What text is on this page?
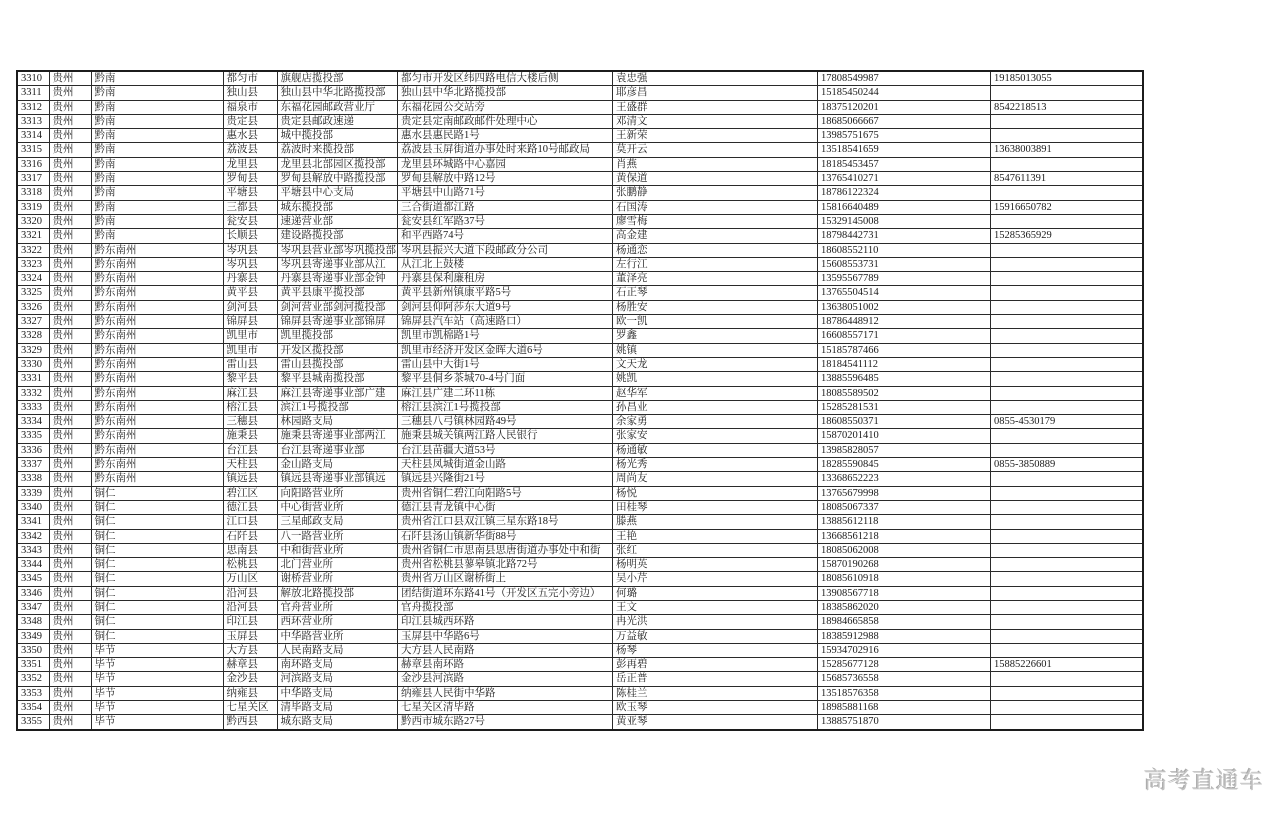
3310	贵州	黔南	都匀市	旗舰店揽投部	都匀市开发区纬四路电信大楼后侧	袁忠强	17808549987	19185013055
3311	贵州	黔南	独山县	独山县中华北路揽投部	独山县中华北路揽投部	耶彦昌	15185450244	
3312	贵州	黔南	福泉市	东福花园邮政营业厅	东福花园公交站旁	王盛群	18375120201	8542218513
3313	贵州	黔南	贵定县	贵定县邮政速递	贵定县定南邮政邮件处理中心	邓清文	18685066667	
3314	贵州	黔南	惠水县	城中揽投部	惠水县惠民路1号	王新荣	13985751675	
3315	贵州	黔南	荔波县	荔波时来揽投部	荔波县玉屏街道办事处时来路10号邮政局	莫开云	13518541659	13638003891
3316	贵州	黔南	龙里县	龙里县北部园区揽投部	龙里县环城路中心嘉园	肖燕	18185453457	
3317	贵州	黔南	罗甸县	罗甸县解放中路揽投部	罗甸县解放中路12号	黄保道	13765410271	8547611391
3318	贵州	黔南	平塘县	平塘县中心支局	平塘县中山路71号	张鹏静	18786122324	
3319	贵州	黔南	三都县	城东揽投部	三合街道都江路	石国涛	15816640489	15916650782
3320	贵州	黔南	瓮安县	速递营业部	瓮安县红军路37号	廖雪梅	15329145008	
3321	贵州	黔南	长顺县	建设路揽投部	和平西路74号	高金建	18798442731	15285365929
3322	贵州	黔东南州	岑巩县	岑巩县营业部岑巩揽投部	岑巩县振兴大道下段邮政分公司	杨通恋	18608552110	
3323	贵州	黔东南州	岑巩县	岑巩县寄递事业部从江	从江北上鼓楼	左行江	15608553731	
3324	贵州	黔东南州	丹寨县	丹寨县寄递事业部金钟	丹寨县保利廉租房	董泽亮	13595567789	
3325	贵州	黔东南州	黄平县	黄平县康平揽投部	黄平县新州镇康平路5号	石正琴	13765504514	
3326	贵州	黔东南州	剑河县	剑河营业部剑河揽投部	剑河县仰阿莎东大道9号	杨胜安	13638051002	
3327	贵州	黔东南州	锦屏县	锦屏县寄递事业部锦屏	锦屏县汽车站（高速路口）	欧一凯	18786448912	
3328	贵州	黔东南州	凯里市	凯里揽投部	凯里市凯棉路1号	罗鑫	16608557171	
3329	贵州	黔东南州	凯里市	开发区揽投部	凯里市经济开发区金晖大道6号	姚镇	15185787466	
3330	贵州	黔东南州	雷山县	雷山县揽投部	雷山县中大街1号	文天龙	18184541112	
3331	贵州	黔东南州	黎平县	黎平县城南揽投部	黎平县侗乡茶城70-4号门面	姚凯	13885596485	
3332	贵州	黔东南州	麻江县	麻江县寄递事业部广建	麻江县广建二环11栋	赵华军	18085589502	
3333	贵州	黔东南州	榕江县	滨江1号揽投部	榕江县滨江1号揽投部	孙昌业	15285281531	
3334	贵州	黔东南州	三穗县	林园路支局	三穗县八弓镇林园路49号	余家勇	18608550371	0855-4530179
3335	贵州	黔东南州	施秉县	施秉县寄递事业部两江	施秉县城关镇两江路人民银行	张家安	15870201410	
3336	贵州	黔东南州	台江县	台江县寄递事业部	台江县苗疆大道53号	杨通敏	13985828057	
3337	贵州	黔东南州	天柱县	金山路支局	天柱县凤城街道金山路	杨光秀	18285590845	0855-3850889
3338	贵州	黔东南州	镇远县	镇远县寄递事业部镇远	镇远县兴隆街21号	周尚友	13368652223	
3339	贵州	铜仁	碧江区	向阳路营业所	贵州省铜仁碧江向阳路5号	杨悦	13765679998	
3340	贵州	铜仁	德江县	中心街营业所	德江县青龙镇中心街	田桂琴	18085067337	
3341	贵州	铜仁	江口县	三星邮政支局	贵州省江口县双江镇三星东路18号	滕燕	13885612118	
3342	贵州	铜仁	石阡县	八一路营业所	石阡县汤山镇新华街88号	王艳	13668561218	
3343	贵州	铜仁	思南县	中和街营业所	贵州省铜仁市思南县思唐街道办事处中和街	张红	18085062008	
3344	贵州	铜仁	松桃县	北门营业所	贵州省松桃县蓼皋镇北路72号	杨明英	15870190268	
3345	贵州	铜仁	万山区	谢桥营业所	贵州省万山区谢桥街上	吴小芹	18085610918	
3346	贵州	铜仁	沿河县	解放北路揽投部	团结街道环东路41号（开发区五完小旁边）	何璐	13908567718	
3347	贵州	铜仁	沿河县	官舟营业所	官舟揽投部	王文	18385862020	
3348	贵州	铜仁	印江县	西环营业所	印江县城西环路	冉光洪	18984665858	
3349	贵州	铜仁	玉屏县	中华路营业所	玉屏县中华路6号	万益敏	18385912988	
3350	贵州	毕节	大方县	人民南路支局	大方县人民南路	杨琴	15934702916	
3351	贵州	毕节	赫章县	南环路支局	赫章县南环路	彭再碧	15285677128	15885226601
3352	贵州	毕节	金沙县	河滨路支局	金沙县河滨路	岳正普	15685736558	
3353	贵州	毕节	纳雍县	中华路支局	纳雍县人民街中华路	陈桂兰	13518576358	
3354	贵州	毕节	七星关区	清毕路支局	七星关区清毕路	欧玉琴	18985881168	
3355	贵州	毕节	黔西县	城东路支局	黔西市城东路27号	黄亚琴	13885751870	
高考直通车
